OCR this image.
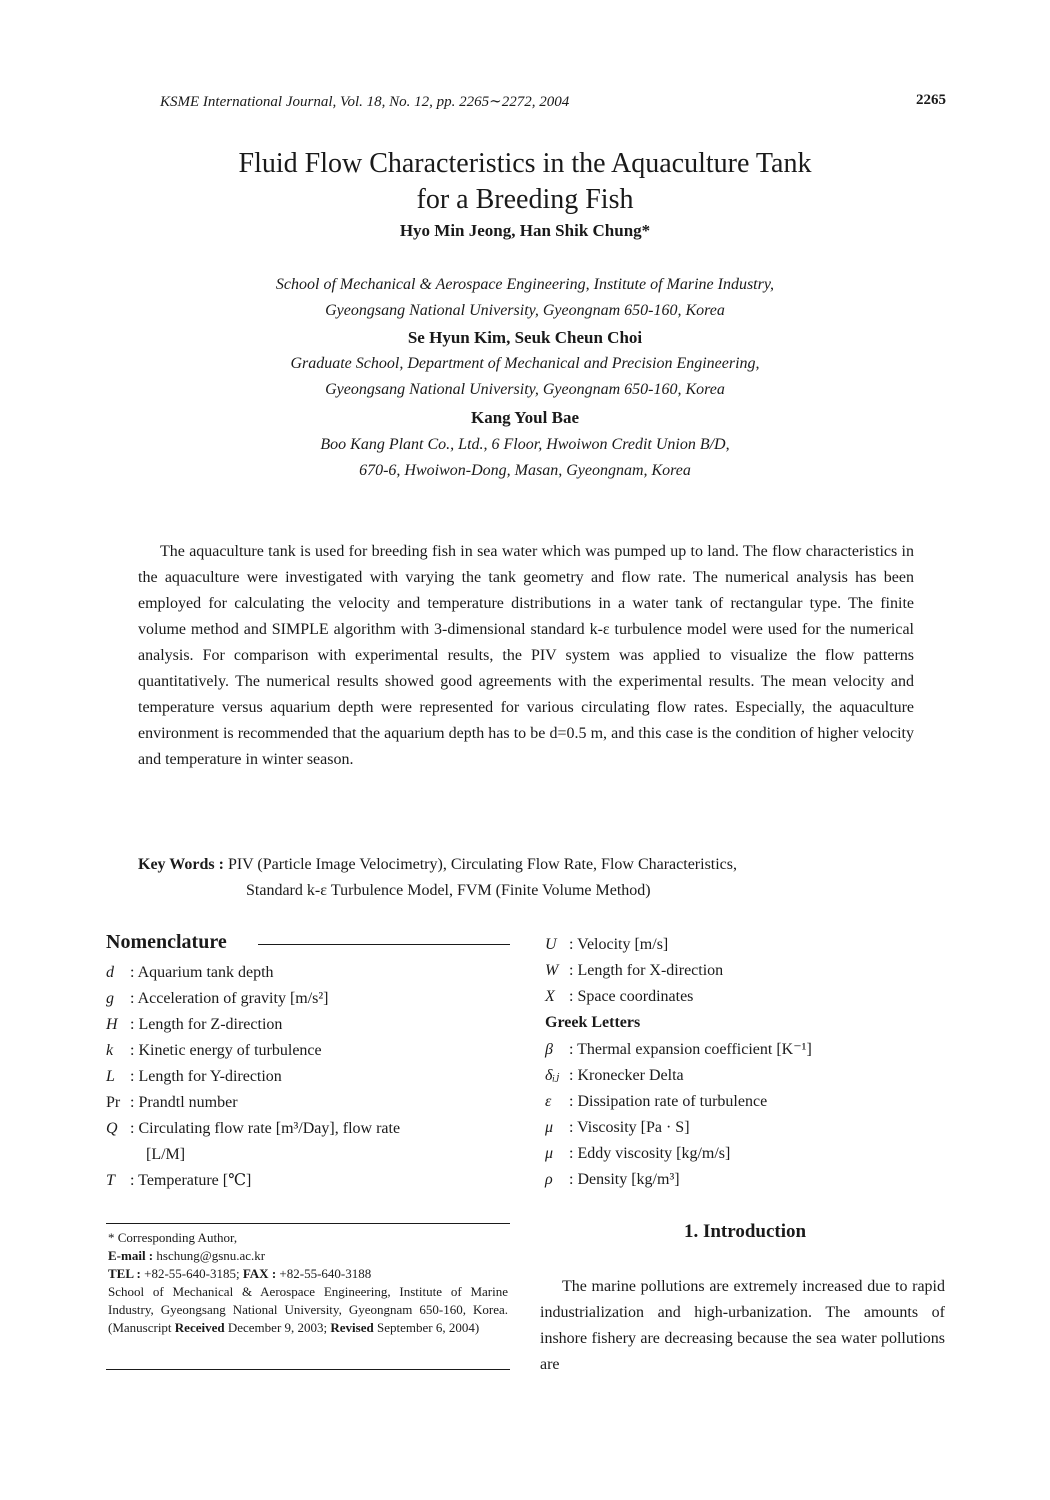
KSME International Journal, Vol. 18, No. 12, pp. 2265∼2272, 2004	2265
Fluid Flow Characteristics in the Aquaculture Tank
for a Breeding Fish
Hyo Min Jeong, Han Shik Chung*
School of Mechanical & Aerospace Engineering, Institute of Marine Industry,
Gyeongsang National University, Gyeongnam 650-160, Korea
Se Hyun Kim, Seuk Cheun Choi
Graduate School, Department of Mechanical and Precision Engineering,
Gyeongsang National University, Gyeongnam 650-160, Korea
Kang Youl Bae
Boo Kang Plant Co., Ltd., 6 Floor, Hwoiwon Credit Union B/D,
670-6, Hwoiwon-Dong, Masan, Gyeongnam, Korea

The aquaculture tank is used for breeding fish in sea water which was pumped up to land. The flow characteristics in the aquaculture were investigated with varying the tank geometry and flow rate. The numerical analysis has been employed for calculating the velocity and temperature distributions in a water tank of rectangular type. The finite volume method and SIMPLE algorithm with 3-dimensional standard k-ε turbulence model were used for the numerical analysis. For comparison with experimental results, the PIV system was applied to visualize the flow patterns quantitatively. The numerical results showed good agreements with the experimental results. The mean velocity and temperature versus aquarium depth were represented for various circulating flow rates. Especially, the aquaculture environment is recommended that the aquarium depth has to be d=0.5 m, and this case is the condition of higher velocity and temperature in winter season.

Key Words : PIV (Particle Image Velocimetry), Circulating Flow Rate, Flow Characteristics,
Standard k-ε Turbulence Model, FVM (Finite Volume Method)
Nomenclature
d : Aquarium tank depth
g : Acceleration of gravity [m/s²]
H : Length for Z-direction
k : Kinetic energy of turbulence
L : Length for Y-direction
Pr : Prandtl number
Q : Circulating flow rate [m³/Day], flow rate
[L/M]
T : Temperature [℃]
U : Velocity [m/s]
W : Length for X-direction
X : Space coordinates
Greek Letters
β : Thermal expansion coefficient [K⁻¹]
δᵢⱼ : Kronecker Delta
ε : Dissipation rate of turbulence
μ : Viscosity [Pa · S]
μ : Eddy viscosity [kg/m/s]
ρ : Density [kg/m³]
* Corresponding Author,
E-mail : hschung@gsnu.ac.kr
TEL : +82-55-640-3185; FAX : +82-55-640-3188
School of Mechanical & Aerospace Engineering, Institute of Marine Industry, Gyeongsang National University, Gyeongnam 650-160, Korea. (Manuscript Received December 9, 2003; Revised September 6, 2004)
1. Introduction

The marine pollutions are extremely increased due to rapid industrialization and high-urbanization. The amounts of inshore fishery are decreasing because the sea water pollutions are
